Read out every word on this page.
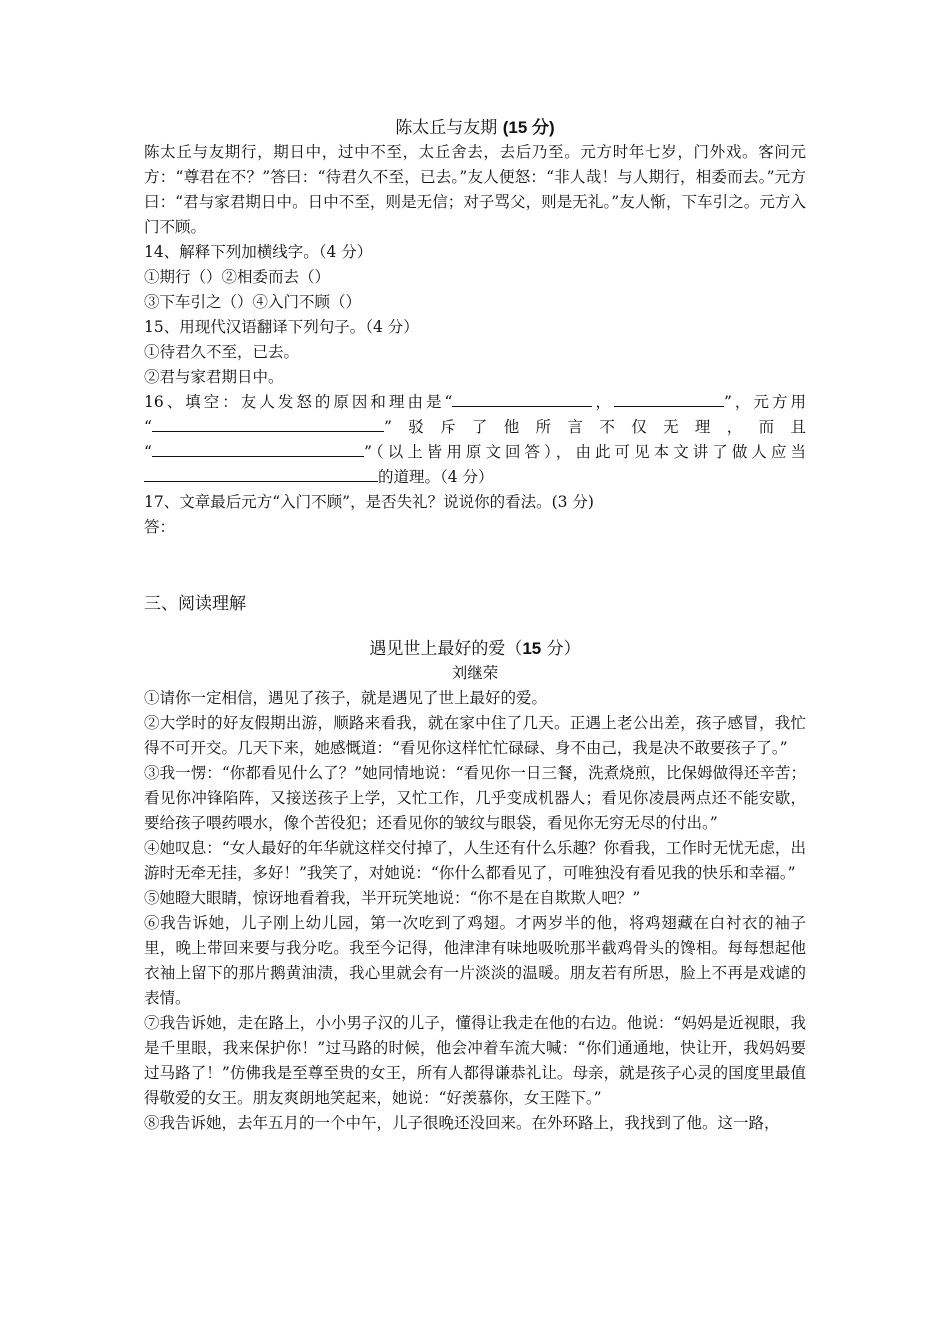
陈太丘与友期 (15 分)

陈太丘与友期行，期日中，过中不至，太丘舍去，去后乃至。元方时年七岁，门外戏。客问元方：“尊君在不？”答曰：“待君久不至，已去。”友人便怒：“非人哉！与人期行，相委而去。”元方曰：“君与家君期日中。日中不至，则是无信；对子骂父，则是无礼。”友人惭，下车引之。元方入门不顾。

14、解释下列加横线字。（4 分）

①期行（）②相委而去（）

③下车引之（）④入门不顾（）

15、用现代汉语翻译下列句子。（4 分）

①待君久不至，已去。

②君与家君期日中。

16、填空：友人发怒的原因和理由是“	，	”，元方用

“	”驳斥了他所言不仅无理，而且

“	”（以上皆用原文回答），由此可见本文讲了做人应当

的道理。（4 分）

17、文章最后元方“入门不顾”，是否失礼？说说你的看法。(3 分)

答：

三、阅读理解

遇见世上最好的爱（15 分）

刘继荣

①请你一定相信，遇见了孩子，就是遇见了世上最好的爱。

②大学时的好友假期出游，顺路来看我，就在家中住了几天。正遇上老公出差，孩子感冒，我忙得不可开交。几天下来，她感慨道：“看见你这样忙忙碌碌、身不由己，我是决不敢要孩子了。”

③我一愣：“你都看见什么了？”她同情地说：“看见你一日三餐，洗煮烧煎，比保姆做得还辛苦；看见你冲锋陷阵，又接送孩子上学，又忙工作，几乎变成机器人；看见你凌晨两点还不能安歇，要给孩子喂药喂水，像个苦役犯；还看见你的皱纹与眼袋，看见你无穷无尽的付出。”

④她叹息：“女人最好的年华就这样交付掉了，人生还有什么乐趣？你看我，工作时无忧无虑，出游时无牵无挂，多好！”我笑了，对她说：“你什么都看见了，可唯独没有看见我的快乐和幸福。”

⑤她瞪大眼睛，惊讶地看着我，半开玩笑地说：“你不是在自欺欺人吧？”

⑥我告诉她，儿子刚上幼儿园，第一次吃到了鸡翅。才两岁半的他，将鸡翅藏在白衬衣的袖子里，晚上带回来要与我分吃。我至今记得，他津津有味地吸吮那半截鸡骨头的馋相。每每想起他衣袖上留下的那片鹅黄油渍，我心里就会有一片淡淡的温暖。朋友若有所思，脸上不再是戏谑的表情。

⑦我告诉她，走在路上，小小男子汉的儿子，懂得让我走在他的右边。他说：“妈妈是近视眼，我是千里眼，我来保护你！”过马路的时候，他会冲着车流大喊：“你们通通地，快让开，我妈妈要过马路了！”仿佛我是至尊至贵的女王，所有人都得谦恭礼让。母亲，就是孩子心灵的国度里最值得敬爱的女王。朋友爽朗地笑起来，她说：“好羡慕你，女王陛下。”

⑧我告诉她，去年五月的一个中午，儿子很晚还没回来。在外环路上，我找到了他。这一路，
